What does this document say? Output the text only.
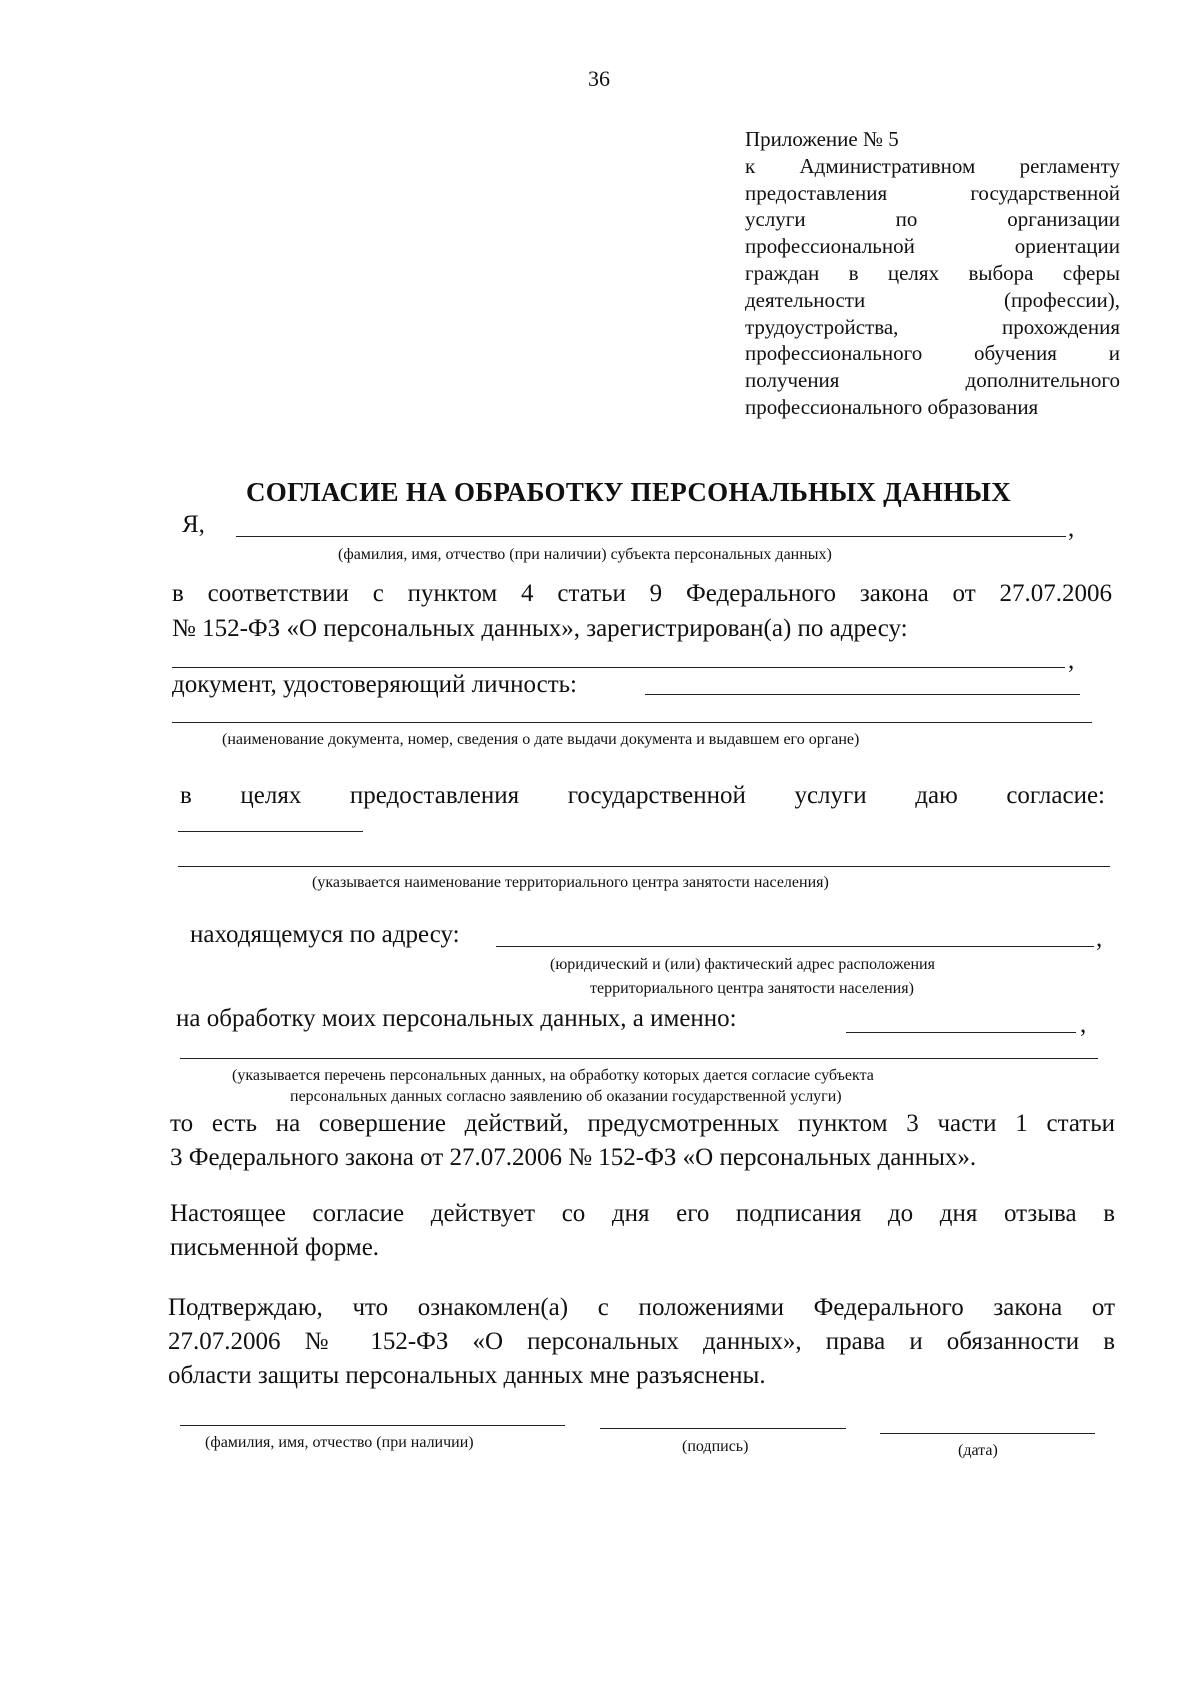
36
Приложение № 5
к Административном регламенту
предоставления государственной
услуги по организации
профессиональной ориентации
граждан в целях выбора сферы
деятельности (профессии),
трудоустройства, прохождения
профессионального обучения и
получения дополнительного
профессионального образования
СОГЛАСИЕ НА ОБРАБОТКУ ПЕРСОНАЛЬНЫХ ДАННЫХ
Я,	,
(фамилия, имя, отчество (при наличии) субъекта персональных данных)
в соответствии с пунктом 4 статьи 9 Федерального закона от 27.07.2006
№ 152-ФЗ «О персональных данных», зарегистрирован(а) по адресу:
,
документ, удостоверяющий личность:
(наименование документа, номер, сведения о дате выдачи документа и выдавшем его органе)
в целях предоставления государственной услуги даю согласие:
(указывается наименование территориального центра занятости населения)
находящемуся по адресу:	,
(юридический и (или) фактический адрес расположения
территориального центра занятости населения)
на обработку моих персональных данных, а именно:	,
(указывается перечень персональных данных, на обработку которых дается согласие субъекта
персональных данных согласно заявлению об оказании государственной услуги)
то есть на совершение действий, предусмотренных пунктом 3 части 1 статьи
3 Федерального закона от 27.07.2006 № 152-ФЗ «О персональных данных».
Настоящее согласие действует со дня его подписания до дня отзыва в
письменной форме.
Подтверждаю, что ознакомлен(а) с положениями Федерального закона от
27.07.2006 № 152-ФЗ «О персональных данных», права и обязанности в
области защиты персональных данных мне разъяснены.
(фамилия, имя, отчество (при наличии)	(подпись)	(дата)
